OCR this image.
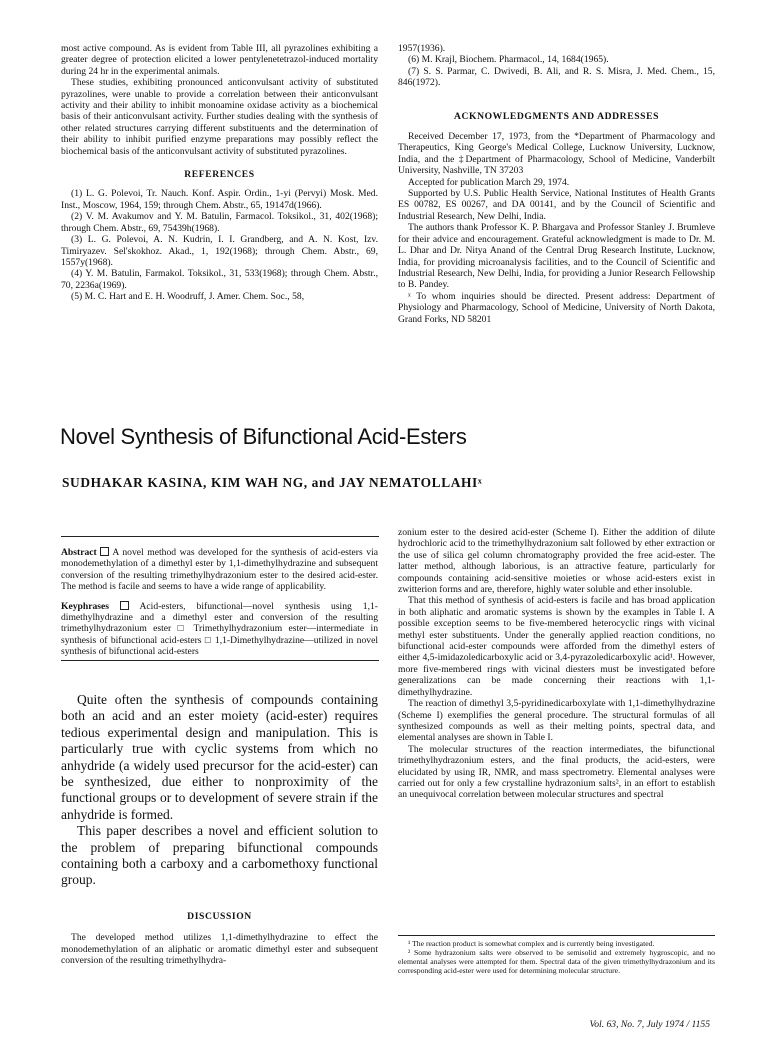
most active compound. As is evident from Table III, all pyrazolines exhibiting a greater degree of protection elicited a lower pentylenetetrazol-induced mortality during 24 hr in the experimental animals.

These studies, exhibiting pronounced anticonvulsant activity of substituted pyrazolines, were unable to provide a correlation between their anticonvulsant activity and their ability to inhibit monoamine oxidase activity as a biochemical basis of their anticonvulsant activity. Further studies dealing with the synthesis of other related structures carrying different substituents and the determination of their ability to inhibit purified enzyme preparations may possibly reflect the biochemical basis of the anticonvulsant activity of substituted pyrazolines.

REFERENCES

(1) L. G. Polevoi, Tr. Nauch. Konf. Aspir. Ordin., 1-yi (Pervyi) Mosk. Med. Inst., Moscow, 1964, 159; through Chem. Abstr., 65, 19147d(1966).

(2) V. M. Avakumov and Y. M. Batulin, Farmacol. Toksikol., 31, 402(1968); through Chem. Abstr., 69, 75439h(1968).

(3) L. G. Polevoi, A. N. Kudrin, I. I. Grandberg, and A. N. Kost, Izv. Timiryazev. Sel'skokhoz. Akad., 1, 192(1968); through Chem. Abstr., 69, 1557y(1968).

(4) Y. M. Batulin, Farmakol. Toksikol., 31, 533(1968); through Chem. Abstr., 70, 2236a(1969).

(5) M. C. Hart and E. H. Woodruff, J. Amer. Chem. Soc., 58,

1957(1936).

(6) M. Krajl, Biochem. Pharmacol., 14, 1684(1965).

(7) S. S. Parmar, C. Dwivedi, B. Ali, and R. S. Misra, J. Med. Chem., 15, 846(1972).

ACKNOWLEDGMENTS AND ADDRESSES

Received December 17, 1973, from the *Department of Pharmacology and Therapeutics, King George's Medical College, Lucknow University, Lucknow, India, and the ‡Department of Pharmacology, School of Medicine, Vanderbilt University, Nashville, TN 37203

Accepted for publication March 29, 1974.

Supported by U.S. Public Health Service, National Institutes of Health Grants ES 00782, ES 00267, and DA 00141, and by the Council of Scientific and Industrial Research, New Delhi, India.

The authors thank Professor K. P. Bhargava and Professor Stanley J. Brumleve for their advice and encouragement. Grateful acknowledgment is made to Dr. M. L. Dhar and Dr. Nitya Anand of the Central Drug Research Institute, Lucknow, India, for providing microanalysis facilities, and to the Council of Scientific and Industrial Research, New Delhi, India, for providing a Junior Research Fellowship to B. Pandey.

ˣ To whom inquiries should be directed. Present address: Department of Physiology and Pharmacology, School of Medicine, University of North Dakota, Grand Forks, ND 58201

Novel Synthesis of Bifunctional Acid-Esters
SUDHAKAR KASINA, KIM WAH NG, and JAY NEMATOLLAHIˣ

Abstract A novel method was developed for the synthesis of acid-esters via monodemethylation of a dimethyl ester by 1,1-dimethylhydrazine and subsequent conversion of the resulting trimethylhydrazonium ester to the desired acid-ester. The method is facile and seems to have a wide range of applicability.

Keyphrases	Acid-esters, bifunctional—novel synthesis using 1,1-dimethylhydrazine and a dimethyl ester and conversion of the resulting trimethylhydrazonium ester □ Trimethylhydrazonium ester—intermediate in synthesis of bifunctional acid-esters □ 1,1-Dimethylhydrazine—utilized in novel synthesis of bifunctional acid-esters

Quite often the synthesis of compounds containing both an acid and an ester moiety (acid-ester) requires tedious experimental design and manipulation. This is particularly true with cyclic systems from which no anhydride (a widely used precursor for the acid-ester) can be synthesized, due either to nonproximity of the functional groups or to development of severe strain if the anhydride is formed.

This paper describes a novel and efficient solution to the problem of preparing bifunctional compounds containing both a carboxy and a carbomethoxy functional group.

DISCUSSION

The developed method utilizes 1,1-dimethylhydrazine to effect the monodemethylation of an aliphatic or aromatic dimethyl ester and subsequent conversion of the resulting trimethylhydra-

zonium ester to the desired acid-ester (Scheme I). Either the addition of dilute hydrochloric acid to the trimethylhydrazonium salt followed by ether extraction or the use of silica gel column chromatography provided the free acid-ester. The latter method, although laborious, is an attractive feature, particularly for compounds containing acid-sensitive moieties or whose acid-esters exist in zwitterion forms and are, therefore, highly water soluble and ether insoluble.

That this method of synthesis of acid-esters is facile and has broad application in both aliphatic and aromatic systems is shown by the examples in Table I. A possible exception seems to be five-membered heterocyclic rings with vicinal methyl ester substituents. Under the generally applied reaction conditions, no bifunctional acid-ester compounds were afforded from the dimethyl esters of either 4,5-imidazoledicarboxylic acid or 3,4-pyrazoledicarboxylic acid¹. However, more five-membered rings with vicinal diesters must be investigated before generalizations can be made concerning their reactions with 1,1-dimethylhydrazine.

The reaction of dimethyl 3,5-pyridinedicarboxylate with 1,1-dimethylhydrazine (Scheme I) exemplifies the general procedure. The structural formulas of all synthesized compounds as well as their melting points, spectral data, and elemental analyses are shown in Table I.

The molecular structures of the reaction intermediates, the bifunctional trimethylhydrazonium esters, and the final products, the acid-esters, were elucidated by using IR, NMR, and mass spectrometry. Elemental analyses were carried out for only a few crystalline hydrazonium salts², in an effort to establish an unequivocal correlation between molecular structures and spectral

¹ The reaction product is somewhat complex and is currently being investigated.

² Some hydrazonium salts were observed to be semisolid and extremely hygroscopic, and no elemental analyses were attempted for them. Spectral data of the given trimethylhydrazonium and its corresponding acid-ester were used for determining molecular structure.

Vol. 63, No. 7, July 1974 / 1155
